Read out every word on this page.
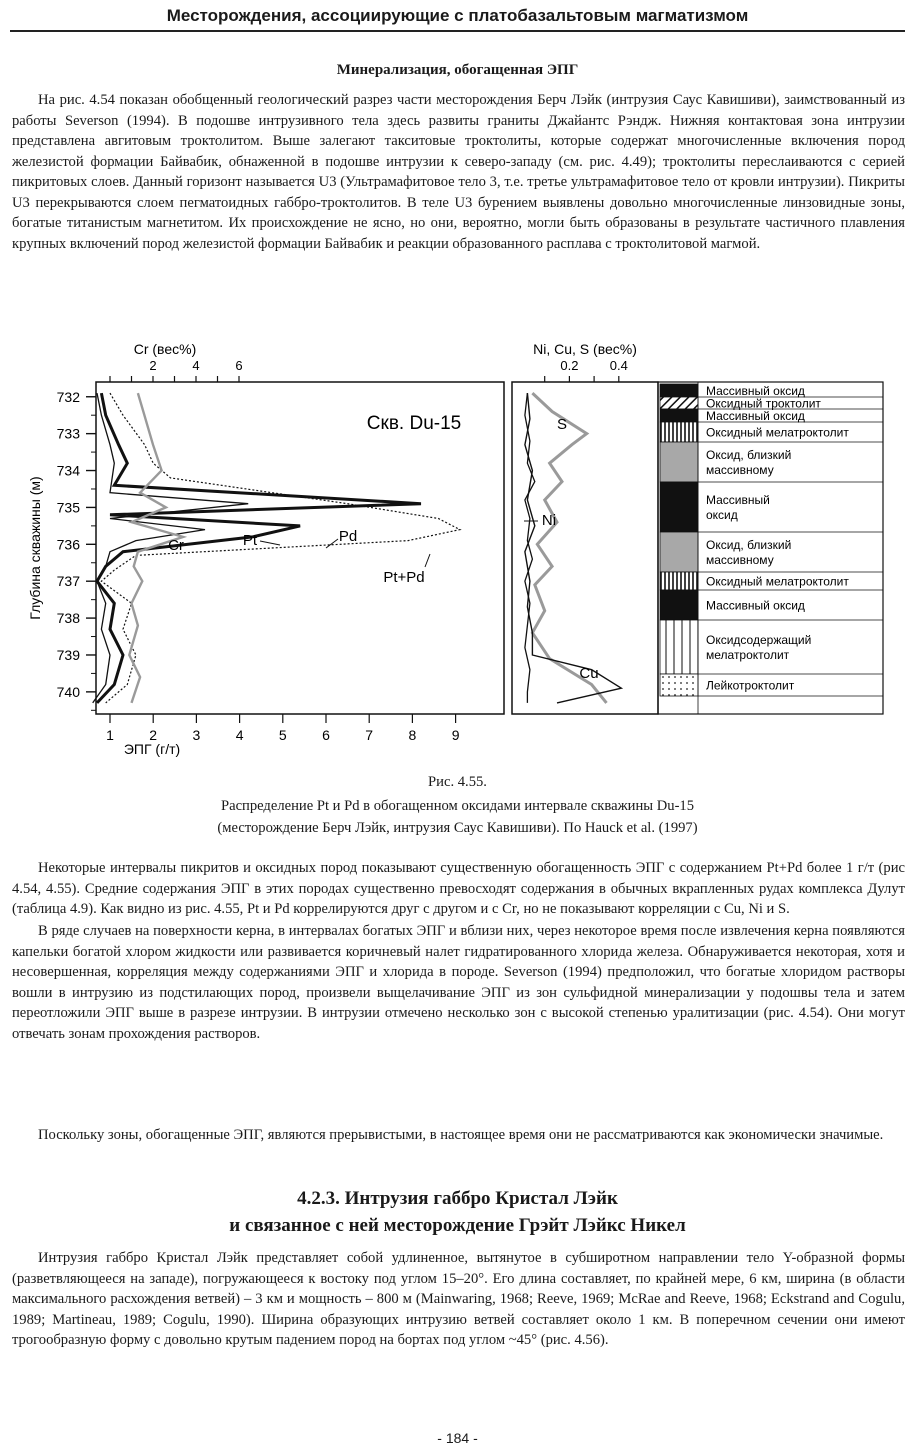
Месторождения, ассоциирующие с платобазальтовым магматизмом
Минерализация, обогащенная ЭПГ

На рис. 4.54 показан обобщенный геологический разрез части месторождения Берч Лэйк (интрузия Саус Кавишиви), заимствованный из работы Severson (1994). В подошве интрузивного тела здесь развиты граниты Джайантс Рэндж. Нижняя контактовая зона интрузии представлена авгитовым троктолитом. Выше залегают такситовые троктолиты, которые содержат многочисленные включения пород железистой формации Байвабик, обнаженной в подошве интрузии к северо-западу (см. рис. 4.49); троктолиты переслаиваются с серией пикритовых слоев. Данный горизонт называется U3 (Ультрамафитовое тело 3, т.е. третье ультрамафитовое тело от кровли интрузии). Пикриты U3 перекрываются слоем пегматоидных габбро-троктолитов. В теле U3 бурением выявлены довольно многочисленные линзовидные зоны, богатые титанистым магнетитом. Их происхождение не ясно, но они, вероятно, могли быть образованы в результате частичного плавления крупных включений пород железистой формации Байвабик и реакции образованного расплава с троктолитовой магмой.

Cr (вес%)	Ni, Cu, S (вес%)
2	4	6	0.2 0.4
732
733
734
735
736
737
738
739
740
1	2	3	4	5	6	7	8	9
Глубина скважины (м)
ЭПГ (г/т)
Скв. Du-15
Cr	Pt	Pd
Pt+Pd
S
Ni
Cu
Массивный оксид
Оксидный троктолит
Массивный оксид
Оксидный мелатроктолит
Оксид, близкий
массивному
Массивный
оксид
Оксид, близкий
массивному
Оксидный мелатроктолит
Массивный оксид
Оксидсодержащий
мелатроктолит
Лейкотроктолит
Рис. 4.55.
Распределение Pt и Pd в обогащенном оксидами интервале скважины Du-15
(месторождение Берч Лэйк, интрузия Саус Кавишиви). По Hauck et al. (1997)

Некоторые интервалы пикритов и оксидных пород показывают существенную обогащенность ЭПГ с содержанием Pt+Pd более 1 г/т (рис 4.54, 4.55). Средние содержания ЭПГ в этих породах существенно превосходят содержания в обычных вкрапленных рудах комплекса Дулут (таблица 4.9). Как видно из рис. 4.55, Pt и Pd коррелируются друг с другом и с Cr, но не показывают корреляции с Cu, Ni и S.

В ряде случаев на поверхности керна, в интервалах богатых ЭПГ и вблизи них, через некоторое время после извлечения керна появляются капельки богатой хлором жидкости или развивается коричневый налет гидратированного хлорида железа. Обнаруживается некоторая, хотя и несовершенная, корреляция между содержаниями ЭПГ и хлорида в породе. Severson (1994) предположил, что богатые хлоридом растворы вошли в интрузию из подстилающих пород, произвели выщелачивание ЭПГ из зон сульфидной минерализации у подошвы тела и затем переотложили ЭПГ выше в разрезе интрузии. В интрузии отмечено несколько зон с высокой степенью уралитизации (рис. 4.54). Они могут отвечать зонам прохождения растворов.

Поскольку зоны, обогащенные ЭПГ, являются прерывистыми, в настоящее время они не рассматриваются как экономически значимые.

4.2.3. Интрузия габбро Кристал Лэйк
и связанное с ней месторождение Грэйт Лэйкс Никел

Интрузия габбро Кристал Лэйк представляет собой удлиненное, вытянутое в субширотном направлении тело Y-образной формы (разветвляющееся на западе), погружающееся к востоку под углом 15–20°. Его длина составляет, по крайней мере, 6 км, ширина (в области максимального расхождения ветвей) – 3 км и мощность – 800 м (Mainwaring, 1968; Reeve, 1969; McRae and Reeve, 1968; Eckstrand and Cogulu, 1989; Martineau, 1989; Cogulu, 1990). Ширина образующих интрузию ветвей составляет около 1 км. В поперечном сечении они имеют трогообразную форму с довольно крутым падением пород на бортах под углом ~45° (рис. 4.56).

- 184 -
